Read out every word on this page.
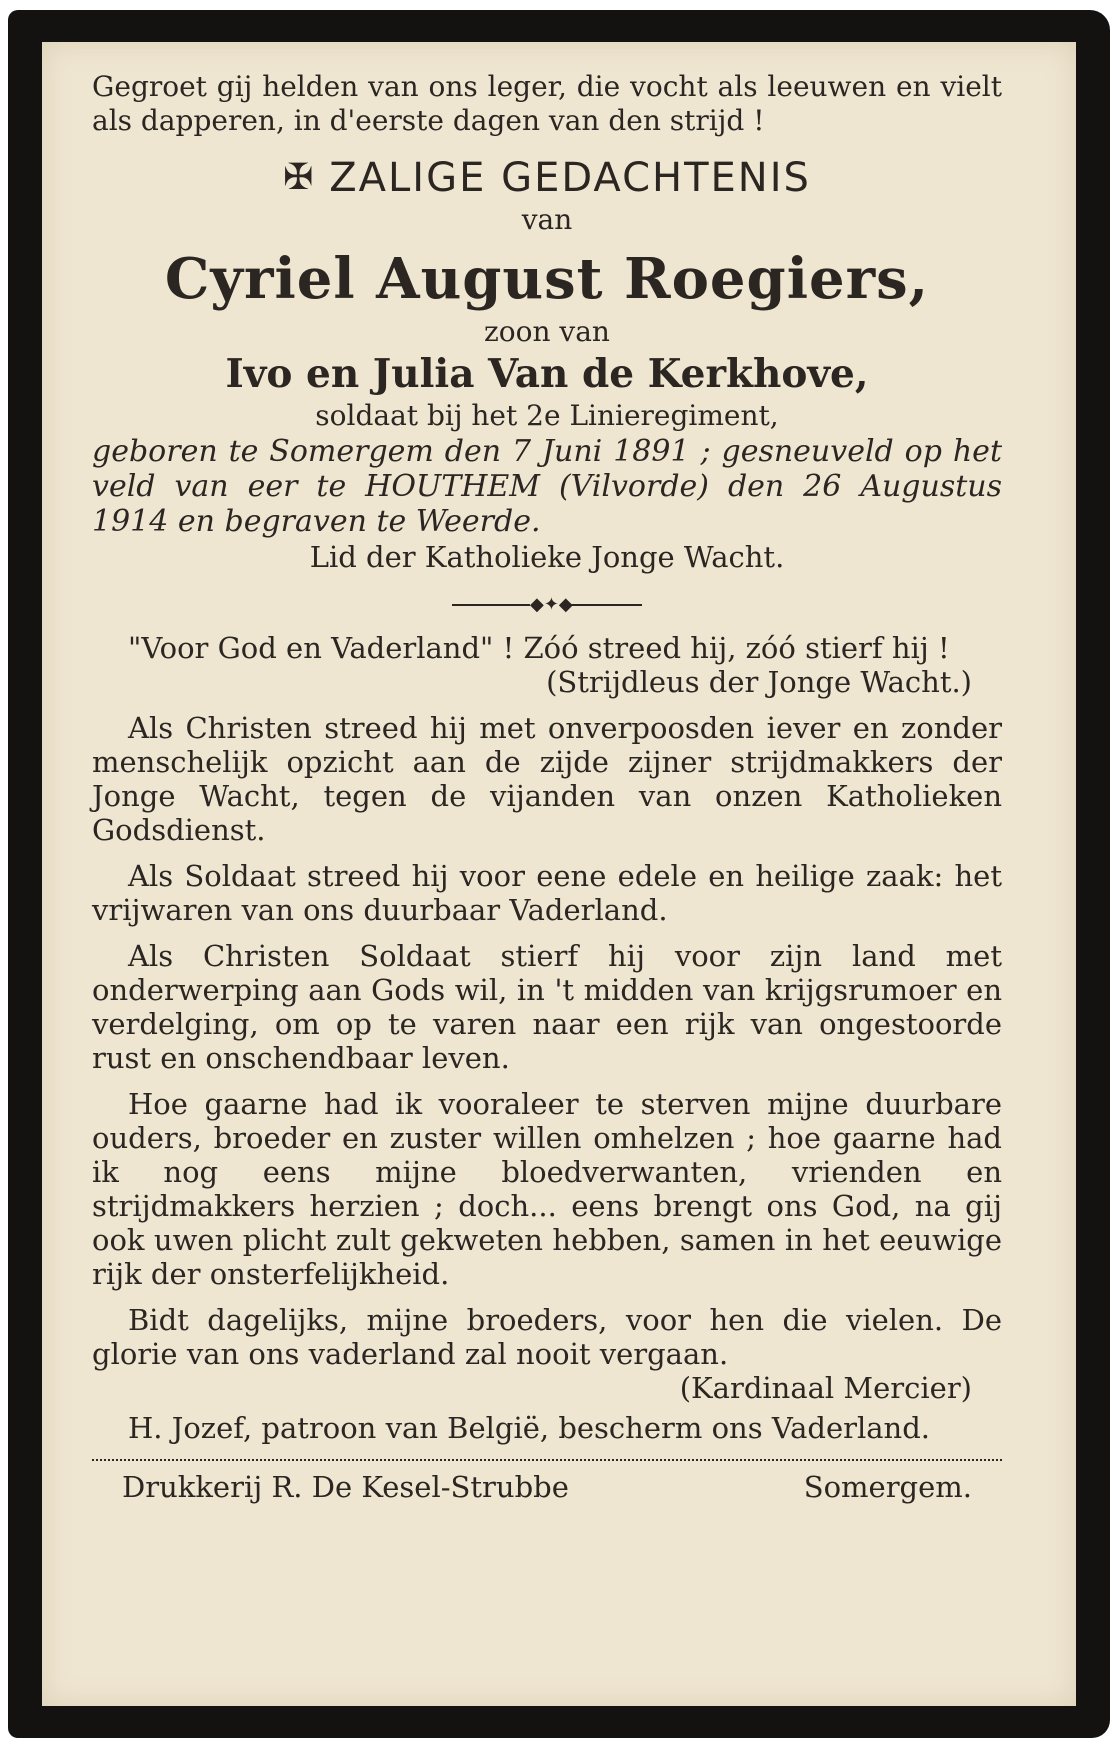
Gegroet gij helden van ons leger, die vocht als leeuwen en vielt als dapperen, in d'eerste dagen van den strijd !

✠ ZALIGE GEDACHTENIS
van
Cyriel August Roegiers,
zoon van
Ivo en Julia Van de Kerkhove,
soldaat bij het 2e Linieregiment,

geboren te Somergem den 7 Juni 1891 ; gesneuveld op het veld van eer te HOUTHEM (Vilvorde) den 26 Augustus 1914 en begraven te Weerde.

Lid der Katholieke Jonge Wacht.
◆✦◆

"Voor God en Vaderland" ! Zóó streed hij, zóó stierf hij !

(Strijdleus der Jonge Wacht.)

Als Christen streed hij met onverpoosden iever en zonder menschelijk opzicht aan de zijde zijner strijdmakkers der Jonge Wacht, tegen de vijanden van onzen Katholieken Godsdienst.

Als Soldaat streed hij voor eene edele en heilige zaak: het vrijwaren van ons duurbaar Vaderland.

Als Christen Soldaat stierf hij voor zijn land met onderwerping aan Gods wil, in 't midden van krijgsrumoer en verdelging, om op te varen naar een rijk van ongestoorde rust en onschendbaar leven.

Hoe gaarne had ik vooraleer te sterven mijne duurbare ouders, broeder en zuster willen omhelzen ; hoe gaarne had ik nog eens mijne bloedverwanten, vrienden en strijdmakkers herzien ; doch... eens brengt ons God, na gij ook uwen plicht zult gekweten hebben, samen in het eeuwige rijk der onsterfelijkheid.

Bidt dagelijks, mijne broeders, voor hen die vielen. De glorie van ons vaderland zal nooit vergaan.

(Kardinaal Mercier)

H. Jozef, patroon van België, bescherm ons Vaderland.

Drukkerij R. De Kesel-Strubbe	Somergem.
